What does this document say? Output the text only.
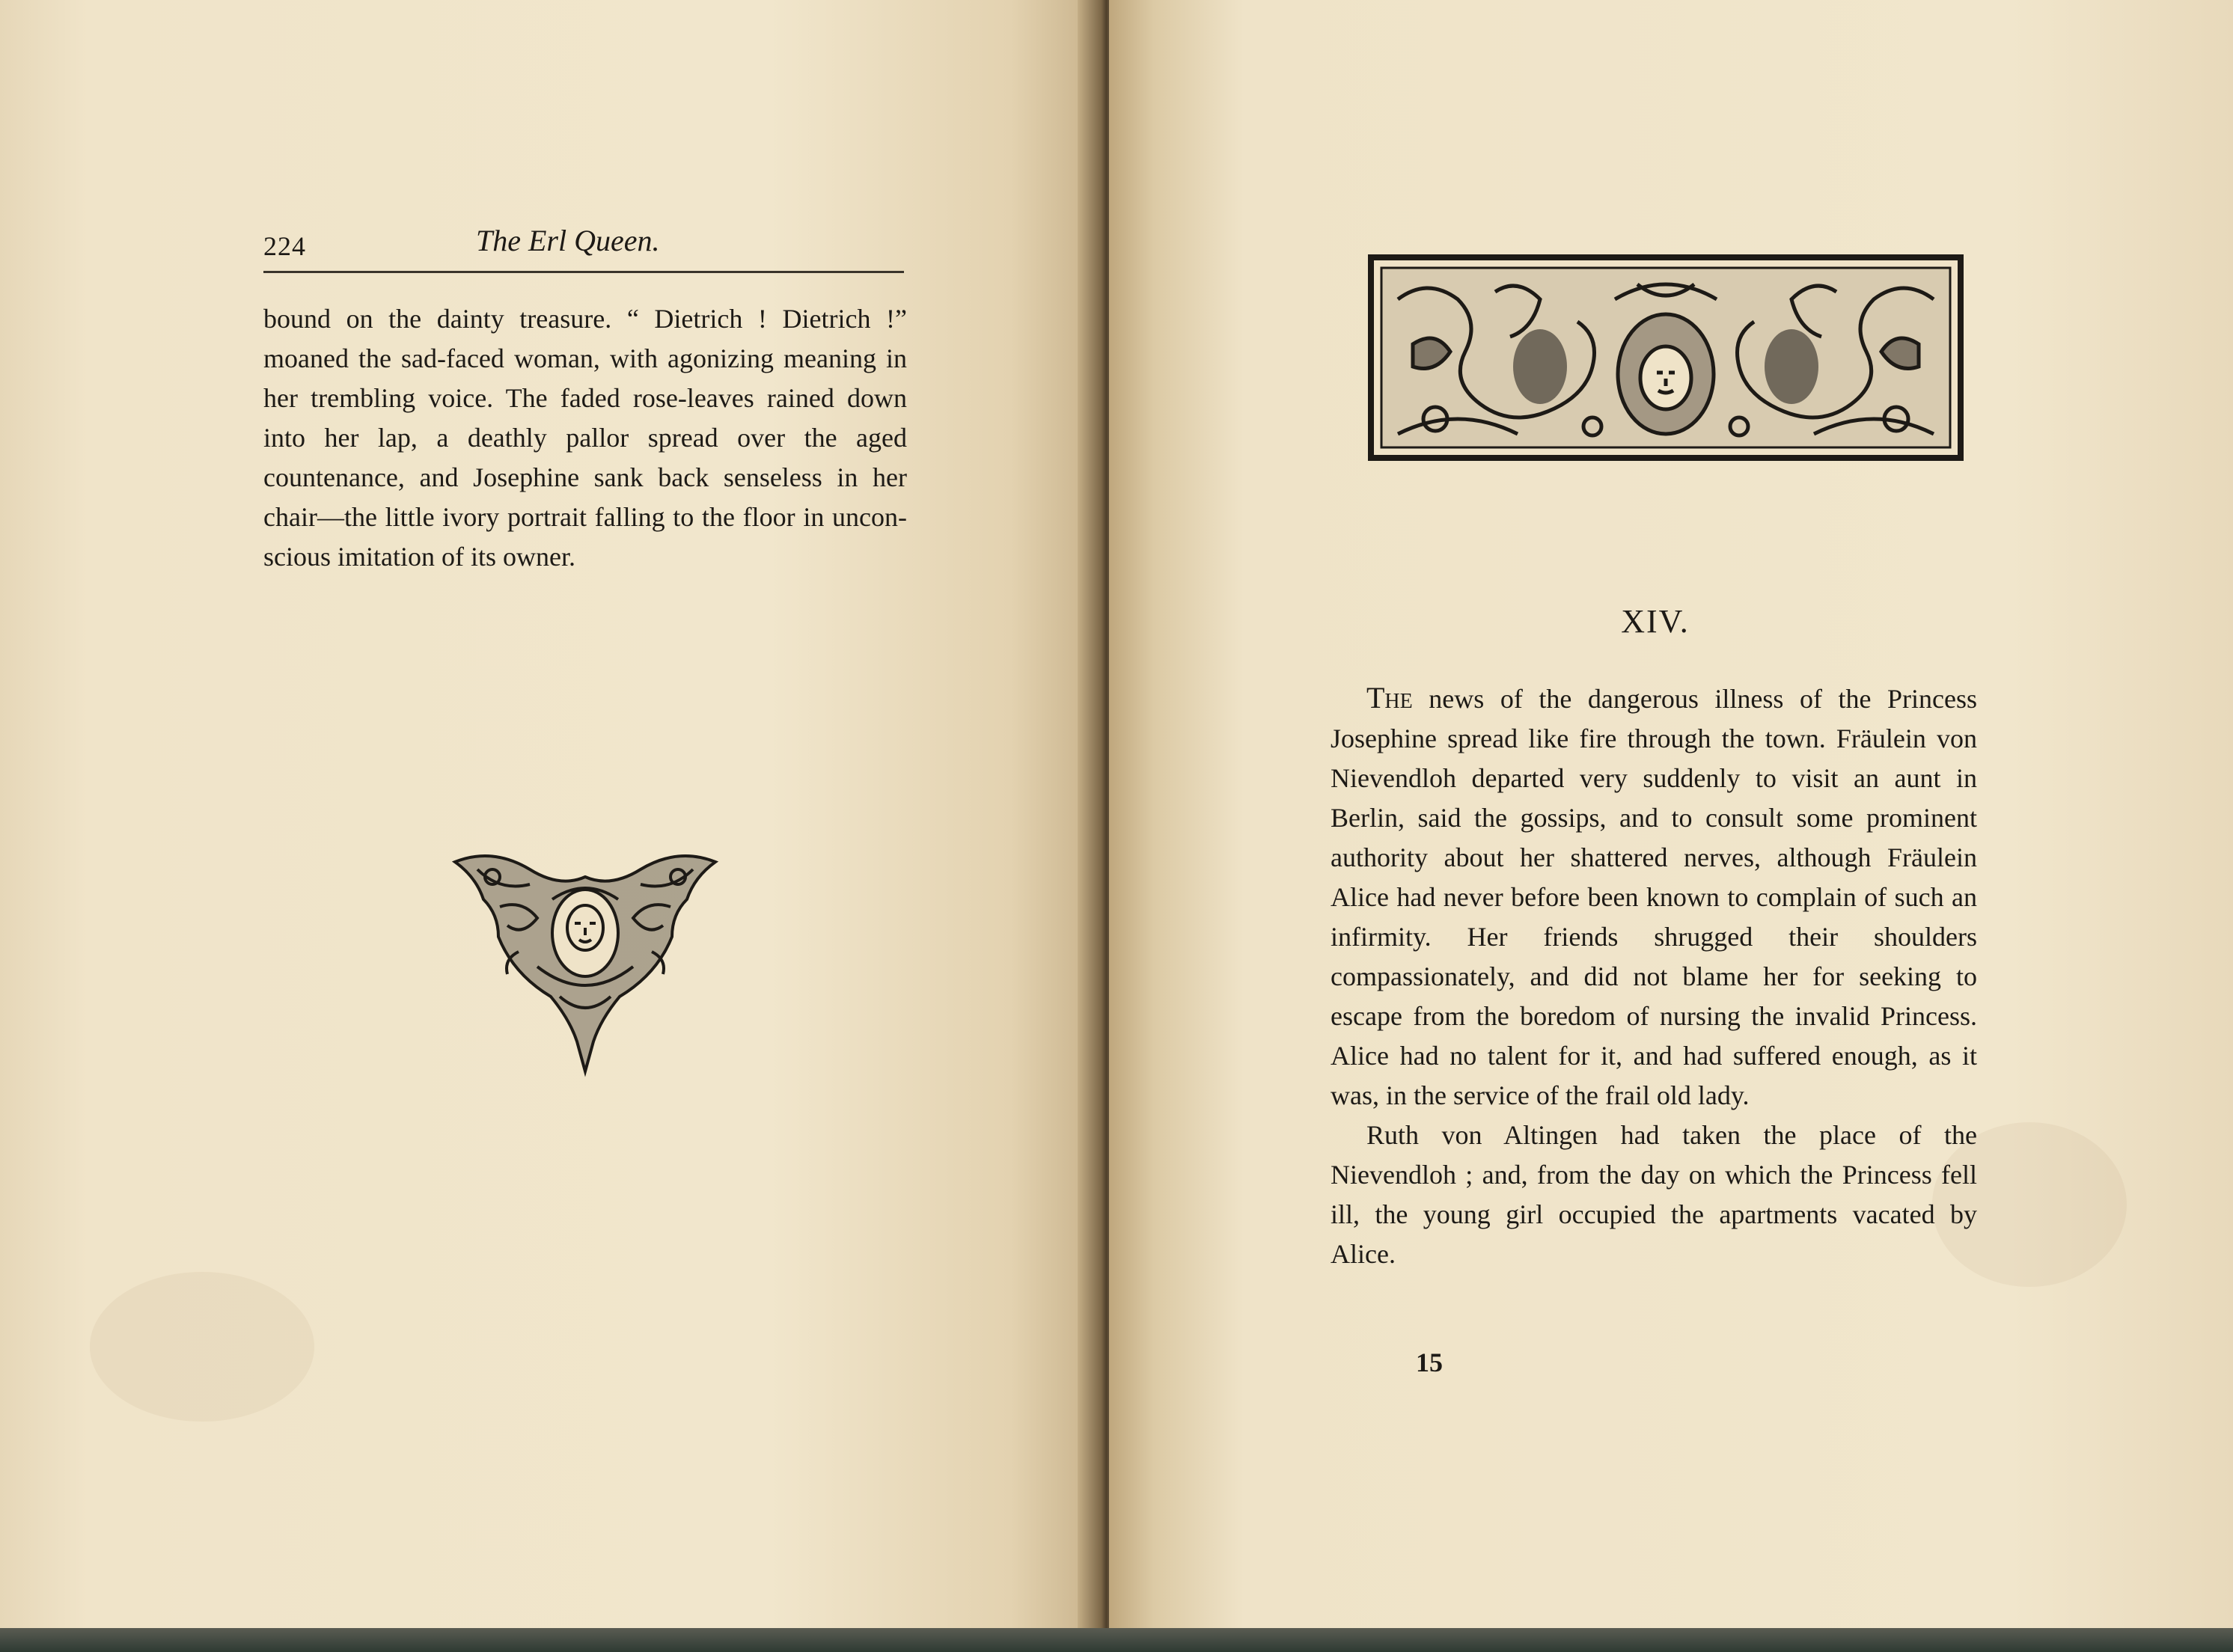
224	The Erl Queen.

bound on the dainty treasure. “ Dietrich ! Dietrich !” moaned the sad-faced woman, with agonizing meaning in her trembling voice. The faded rose-leaves rained down into her lap, a deathly pallor spread over the aged countenance, and Josephine sank back senseless in her chair—the little ivory portrait falling to the floor in unconscious imitation of its owner.

XIV.

The news of the dangerous illness of the Princess Josephine spread like fire through the town. Fräulein von Nievendloh departed very suddenly to visit an aunt in Berlin, said the gossips, and to consult some prominent authority about her shattered nerves, although Fräulein Alice had never before been known to complain of such an infirmity. Her friends shrugged their shoulders compassionately, and did not blame her for seeking to escape from the boredom of nursing the invalid Princess. Alice had no talent for it, and had suffered enough, as it was, in the service of the frail old lady.

Ruth von Altingen had taken the place of the Nievendloh ; and, from the day on which the Princess fell ill, the young girl occupied the apartments vacated by Alice.

15
